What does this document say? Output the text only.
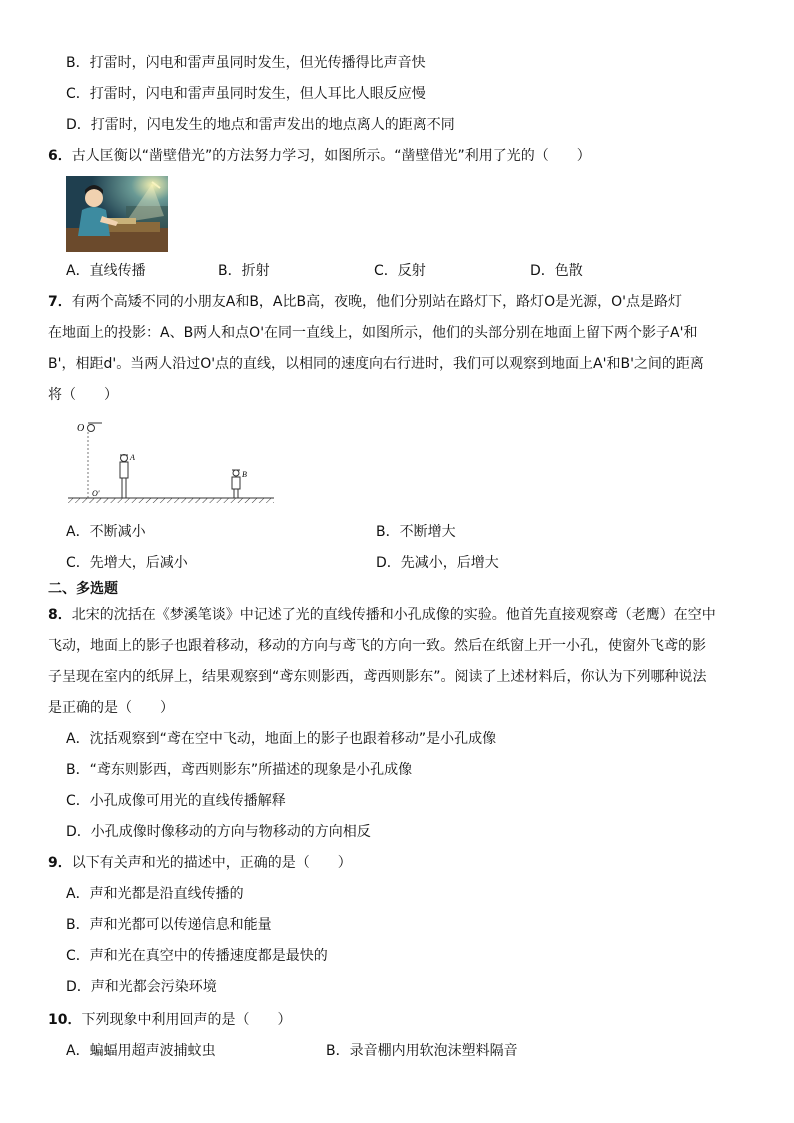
B．打雷时，闪电和雷声虽同时发生，但光传播得比声音快
C．打雷时，闪电和雷声虽同时发生，但人耳比人眼反应慢
D．打雷时，闪电发生的地点和雷声发出的地点离人的距离不同
6．古人匡衡以“凿壁借光”的方法努力学习，如图所示。“凿壁借光”利用了光的（　　）
A．直线传播	B．折射	C．反射	D．色散
7．有两个高矮不同的小朋友A和B，A比B高，夜晚，他们分别站在路灯下，路灯O是光源，O'点是路灯
在地面上的投影：A、B两人和点O'在同一直线上，如图所示，他们的头部分别在地面上留下两个影子A'和
B'，相距d'。当两人沿过O'点的直线，以相同的速度向右行进时，我们可以观察到地面上A'和B'之间的距离
将（　　）
O
O'
A
B
A．不断减小	B．不断增大
C．先增大，后减小	D．先减小，后增大
二、多选题
8．北宋的沈括在《梦溪笔谈》中记述了光的直线传播和小孔成像的实验。他首先直接观察鸢（老鹰）在空中
飞动，地面上的影子也跟着移动，移动的方向与鸢飞的方向一致。然后在纸窗上开一小孔，使窗外飞鸢的影
子呈现在室内的纸屏上，结果观察到“鸢东则影西，鸢西则影东”。阅读了上述材料后，你认为下列哪种说法
是正确的是（　　）
A．沈括观察到“鸢在空中飞动，地面上的影子也跟着移动”是小孔成像
B．“鸢东则影西，鸢西则影东”所描述的现象是小孔成像
C．小孔成像可用光的直线传播解释
D．小孔成像时像移动的方向与物移动的方向相反
9．以下有关声和光的描述中，正确的是（　　）
A．声和光都是沿直线传播的
B．声和光都可以传递信息和能量
C．声和光在真空中的传播速度都是最快的
D．声和光都会污染环境
10．下列现象中利用回声的是（　　）
A．蝙蝠用超声波捕蚊虫	B．录音棚内用软泡沫塑料隔音
